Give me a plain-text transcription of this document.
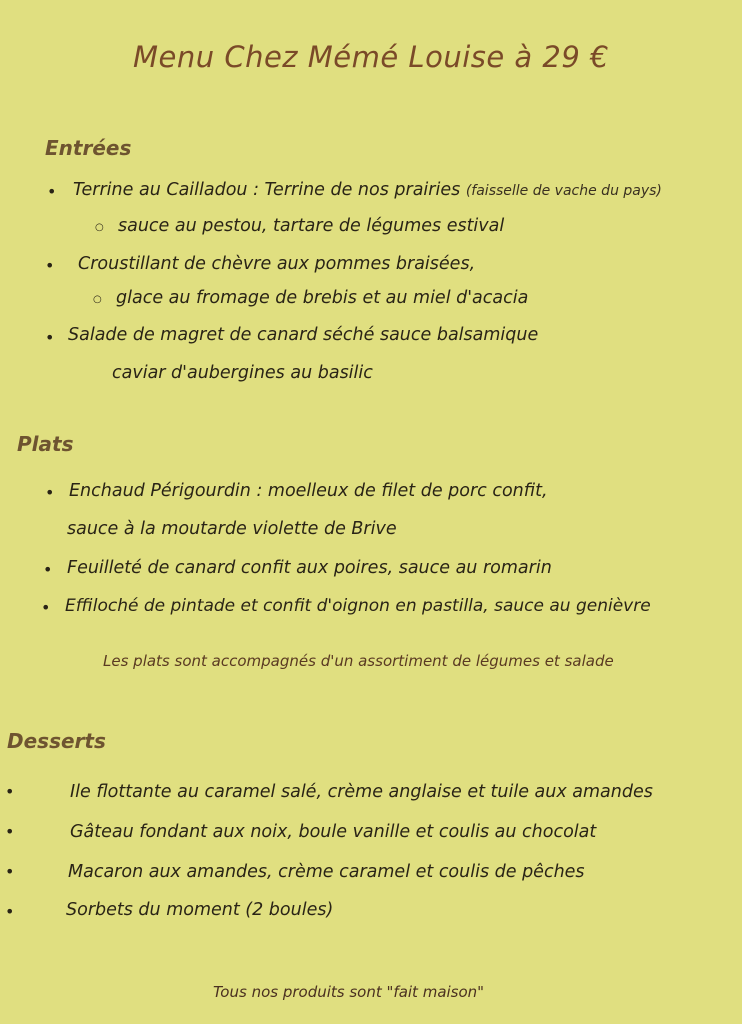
Menu Chez Mémé Louise à 29 €
Entrées
• Terrine au Cailladou : Terrine de nos prairies (faisselle de vache du pays)
○ sauce au pestou, tartare de légumes estival
• Croustillant de chèvre aux pommes braisées,
○ glace au fromage de brebis et au miel d'acacia
• Salade de magret de canard séché sauce balsamique
caviar d'aubergines au basilic
Plats
• Enchaud Périgourdin : moelleux de filet de porc confit,
sauce à la moutarde violette de Brive
• Feuilleté de canard confit aux poires, sauce au romarin
• Effiloché de pintade et confit d'oignon en pastilla, sauce au genièvre
Les plats sont accompagnés d'un assortiment de légumes et salade
Desserts
•	Ile flottante au caramel salé, crème anglaise et tuile aux amandes
•	Gâteau fondant aux noix, boule vanille et coulis au chocolat
•	Macaron aux amandes, crème caramel et coulis de pêches
•	Sorbets du moment (2 boules)
Tous nos produits sont "fait maison"
